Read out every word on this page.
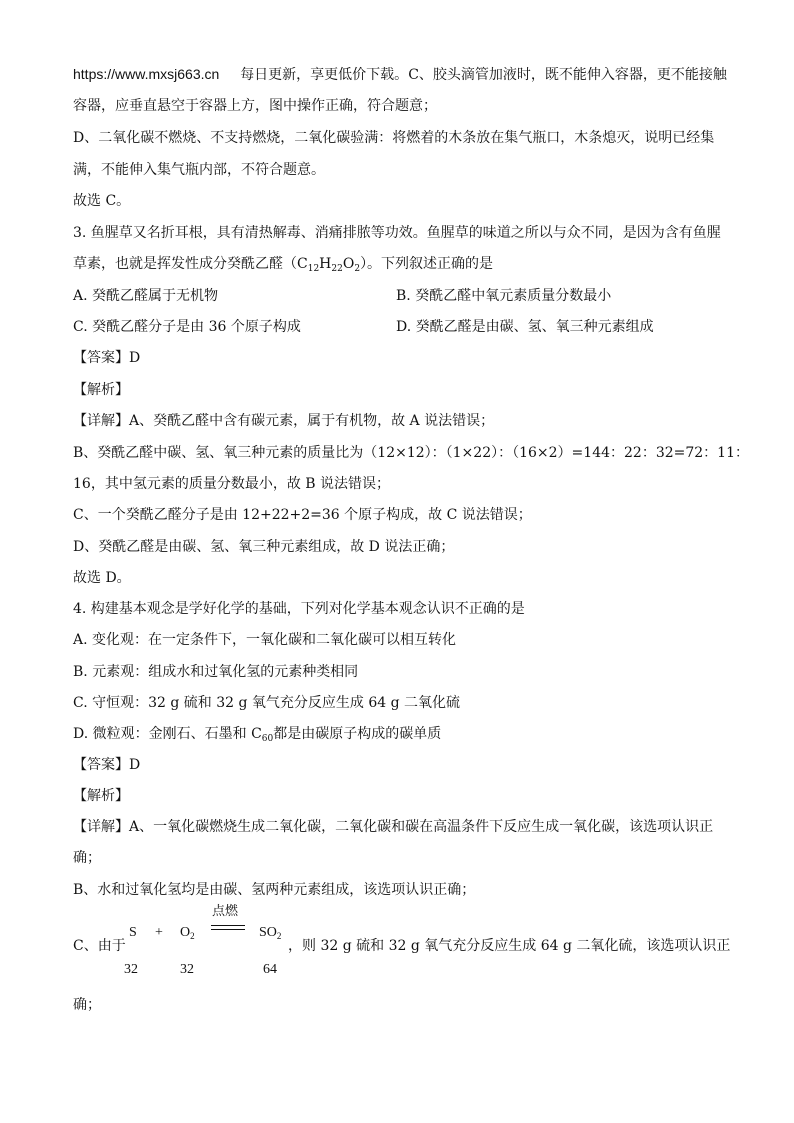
https://www.mxsj663.cn 每日更新，享更低价下载。C、胶头滴管加液时，既不能伸入容器，更不能接触
容器，应垂直悬空于容器上方，图中操作正确，符合题意；
D、二氧化碳不燃烧、不支持燃烧，二氧化碳验满：将燃着的木条放在集气瓶口，木条熄灭，说明已经集
满，不能伸入集气瓶内部，不符合题意。
故选 C。
3. 鱼腥草又名折耳根，具有清热解毒、消痛排脓等功效。鱼腥草的味道之所以与众不同，是因为含有鱼腥
草素，也就是挥发性成分癸酰乙醛$(C_{12}H_{22}O_2)$。下列叙述正确的是
A. 癸酰乙醛属于无机物	B. 癸酰乙醛中氧元素质量分数最小
C. 癸酰乙醛分子是由 36 个原子构成	D. 癸酰乙醛是由碳、氢、氧三种元素组成
【答案】D
【解析】
【详解】A、癸酰乙醛中含有碳元素，属于有机物，故 A 说法错误；
B、癸酰乙醛中碳、氢、氧三种元素的质量比为（12×12）：（1×22）：（16×2）=144：22：32=72：11：
16，其中氢元素的质量分数最小，故 B 说法错误；
C、一个癸酰乙醛分子是由 12+22+2=36 个原子构成，故 C 说法错误；
D、癸酰乙醛是由碳、氢、氧三种元素组成，故 D 说法正确；
故选 D。
4. 构建基本观念是学好化学的基础，下列对化学基本观念认识不正确的是
A. 变化观：在一定条件下，一氧化碳和二氧化碳可以相互转化
B. 元素观：组成水和过氧化氢的元素种类相同
C. 守恒观：32 g 硫和 32 g 氧气充分反应生成 64 g 二氧化硫
D. 微粒观：金刚石、石墨和 $C_{60}$都是由碳原子构成的碳单质
【答案】D
【解析】
【详解】A、一氧化碳燃烧生成二氧化碳，二氧化碳和碳在高温条件下反应生成一氧化碳，该选项认识正
确；
B、水和过氧化氢均是由碳、氢两种元素组成，该选项认识正确；
C、由于
$S + O_2$
点燃
$SO_2$
，则 32 g 硫和 32 g 氧气充分反应生成 64 g 二氧化硫，该选项认识正
32	32	64
确；
